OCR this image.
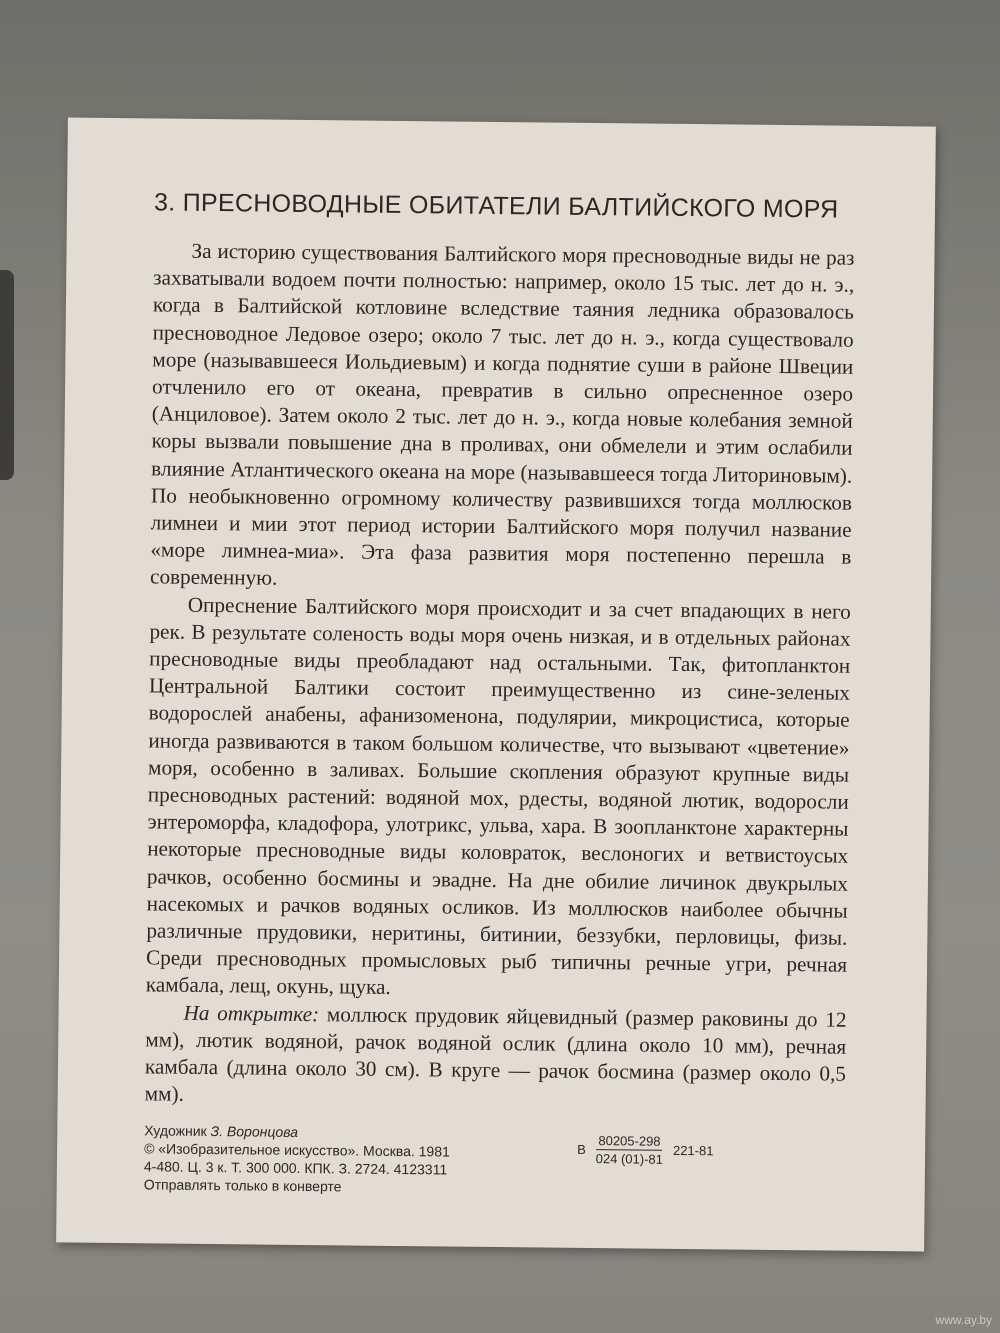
3. ПРЕСНОВОДНЫЕ ОБИТАТЕЛИ БАЛТИЙСКОГО МОРЯ

За историю существования Балтийского моря пресноводные виды не раз захватывали водоем почти полностью: например, около 15 тыс. лет до н. э., когда в Балтийской котловине вследствие таяния ледника образовалось пресноводное Ледовое озеро; около 7 тыс. лет до н. э., когда существовало море (называвшееся Иольдиевым) и когда поднятие суши в районе Швеции отчленило его от океана, превратив в сильно опресненное озеро (Анциловое). Затем около 2 тыс. лет до н. э., когда новые колебания земной коры вызвали повышение дна в проливах, они обмелели и этим ослабили влияние Атлантического океана на море (называвшееся тогда Литориновым). По необыкновенно огромному количеству развившихся тогда моллюсков лимнеи и мии этот период истории Балтийского моря получил название «море лимнеа-миа». Эта фаза развития моря постепенно перешла в современную.

Опреснение Балтийского моря происходит и за счет впадающих в него рек. В результате соленость воды моря очень низкая, и в отдельных районах пресноводные виды преобладают над остальными. Так, фитопланктон Центральной Балтики состоит преимущественно из сине-зеленых водорослей анабены, афанизоменона, подулярии, микроцистиса, которые иногда развиваются в таком большом количестве, что вызывают «цветение» моря, особенно в заливах. Большие скопления образуют крупные виды пресноводных растений: водяной мох, рдесты, водяной лютик, водоросли энтероморфа, кладофора, улотрикс, ульва, хара. В зоопланктоне характерны некоторые пресноводные виды коловраток, веслоногих и ветвистоусых рачков, особенно босмины и эвадне. На дне обилие личинок двукрылых насекомых и рачков водяных осликов. Из моллюсков наиболее обычны различные прудовики, неритины, битинии, беззубки, перловицы, физы. Среди пресноводных промысловых рыб типичны речные угри, речная камбала, лещ, окунь, щука.

На открытке: моллюск прудовик яйцевидный (размер раковины до 12 мм), лютик водяной, рачок водяной ослик (длина около 10 мм), речная камбала (длина около 30 см). В круге — рачок босмина (размер около 0,5 мм).

Художник З. Воронцова
© «Изобразительное искусство». Москва. 1981
4-480. Ц. 3 к. Т. 300 000. КПК. З. 2724. 4123311
Отправлять только в конверте
В $\frac{80205-298}{024 (01)-81} 221-81$
www.ay.by
